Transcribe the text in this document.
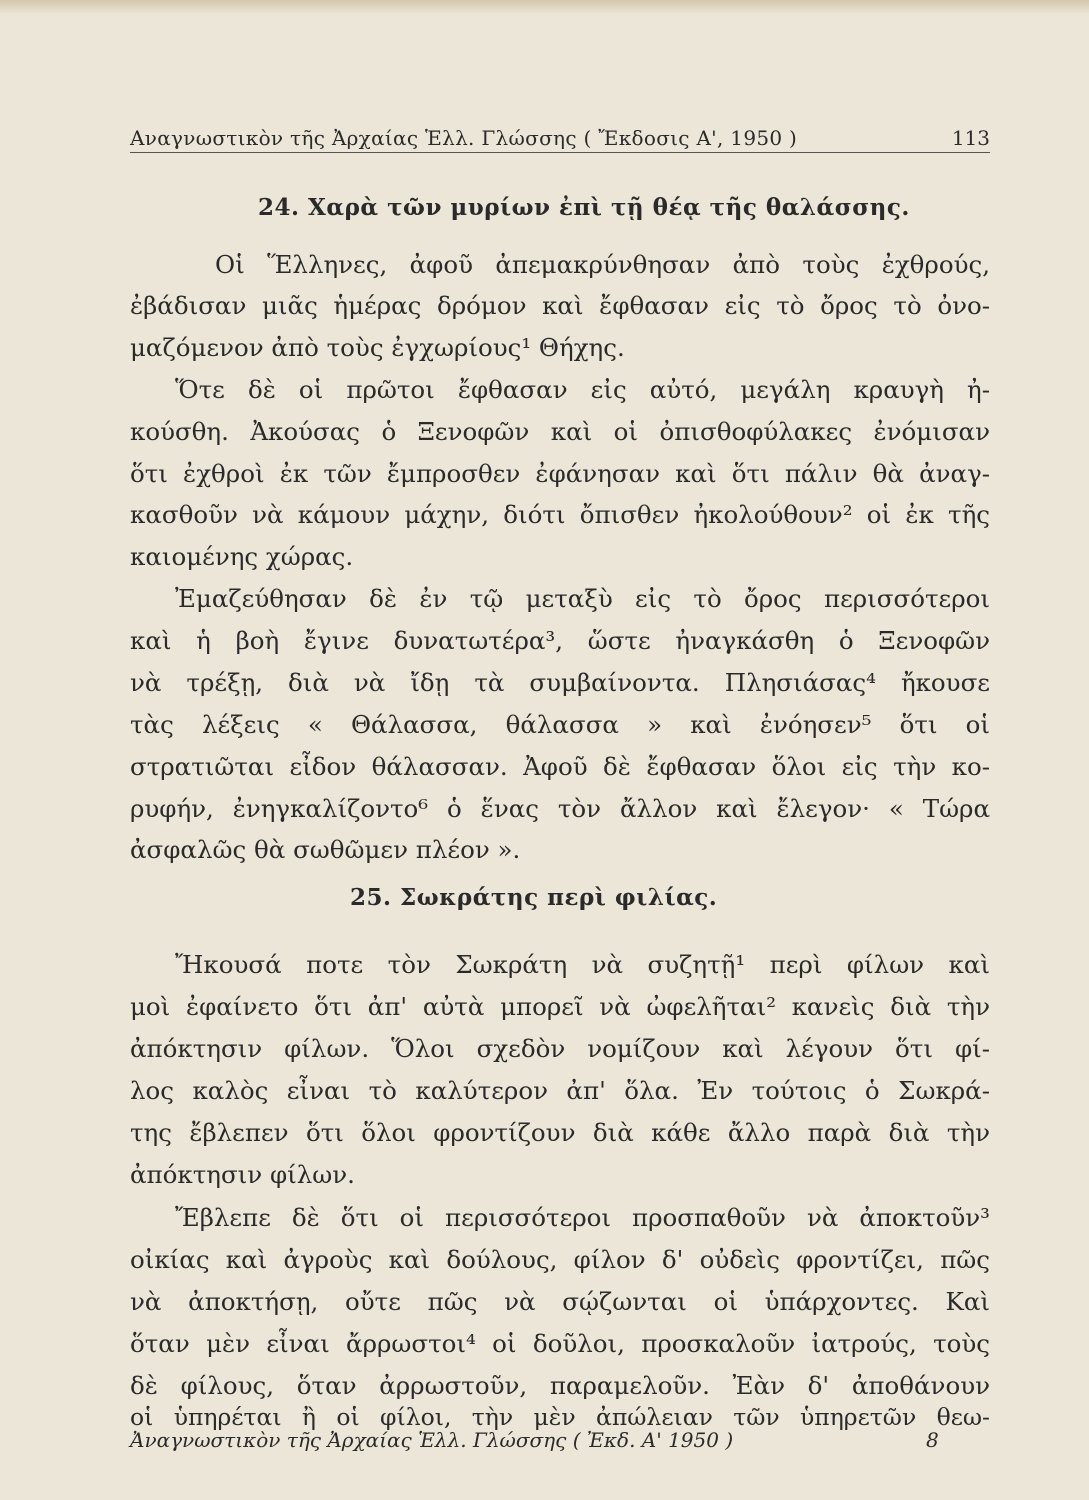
Αναγνωστικὸν τῆς Ἀρχαίας Ἑλλ. Γλώσσης ( Ἔκδοσις Α', 1950 )	113
24. Χαρὰ τῶν μυρίων ἐπὶ τῇ θέᾳ τῆς θαλάσσης.
Οἱ Ἕλληνες, ἀφοῦ ἀπεμακρύνθησαν ἀπὸ τοὺς ἐχθρούς,
ἐβάδισαν μιᾶς ἡμέρας δρόμον καὶ ἔφθασαν εἰς τὸ ὄρος τὸ ὀνο-
μαζόμενον ἀπὸ τοὺς ἐγχωρίους¹ Θήχης.
Ὅτε δὲ οἱ πρῶτοι ἔφθασαν εἰς αὐτό, μεγάλη κραυγὴ ἠ-
κούσθη. Ἀκούσας ὁ Ξενοφῶν καὶ οἱ ὀπισθοφύλακες ἐνόμισαν
ὅτι ἐχθροὶ ἐκ τῶν ἔμπροσθεν ἐφάνησαν καὶ ὅτι πάλιν θὰ ἀναγ-
κασθοῦν νὰ κάμουν μάχην, διότι ὄπισθεν ἠκολούθουν² οἱ ἐκ τῆς
καιομένης χώρας.
Ἐμαζεύθησαν δὲ ἐν τῷ μεταξὺ εἰς τὸ ὄρος περισσότεροι
καὶ ἡ βοὴ ἔγινε δυνατωτέρα³, ὥστε ἠναγκάσθη ὁ Ξενοφῶν
νὰ τρέξῃ, διὰ νὰ ἴδῃ τὰ συμβαίνοντα. Πλησιάσας⁴ ἤκουσε
τὰς λέξεις « Θάλασσα, θάλασσα » καὶ ἐνόησεν⁵ ὅτι οἱ
στρατιῶται εἶδον θάλασσαν. Ἀφοῦ δὲ ἔφθασαν ὅλοι εἰς τὴν κο-
ρυφήν, ἐνηγκαλίζοντο⁶ ὁ ἕνας τὸν ἄλλον καὶ ἔλεγον· « Τώρα
ἀσφαλῶς θὰ σωθῶμεν πλέον ».
25. Σωκράτης περὶ φιλίας.
Ἤκουσά ποτε τὸν Σωκράτη νὰ συζητῇ¹ περὶ φίλων καὶ
μοὶ ἐφαίνετο ὅτι ἀπ' αὐτὰ μπορεῖ νὰ ὠφελῆται² κανεὶς διὰ τὴν
ἀπόκτησιν φίλων. Ὅλοι σχεδὸν νομίζουν καὶ λέγουν ὅτι φί-
λος καλὸς εἶναι τὸ καλύτερον ἀπ' ὅλα. Ἐν τούτοις ὁ Σωκρά-
της ἔβλεπεν ὅτι ὅλοι φροντίζουν διὰ κάθε ἄλλο παρὰ διὰ τὴν
ἀπόκτησιν φίλων.
Ἔβλεπε δὲ ὅτι οἱ περισσότεροι προσπαθοῦν νὰ ἀποκτοῦν³
οἰκίας καὶ ἀγροὺς καὶ δούλους, φίλον δ' οὐδεὶς φροντίζει, πῶς
νὰ ἀποκτήσῃ, οὔτε πῶς νὰ σῴζωνται οἱ ὑπάρχοντες. Καὶ
ὅταν μὲν εἶναι ἄρρωστοι⁴ οἱ δοῦλοι, προσκαλοῦν ἰατρούς, τοὺς
δὲ φίλους, ὅταν ἀρρωστοῦν, παραμελοῦν. Ἐὰν δ' ἀποθάνουν
οἱ ὑπηρέται ἢ οἱ φίλοι, τὴν μὲν ἀπώλειαν τῶν ὑπηρετῶν θεω-
Ἀναγνωστικὸν τῆς Ἀρχαίας Ἑλλ. Γλώσσης ( Ἐκδ. Α' 1950 )	8
